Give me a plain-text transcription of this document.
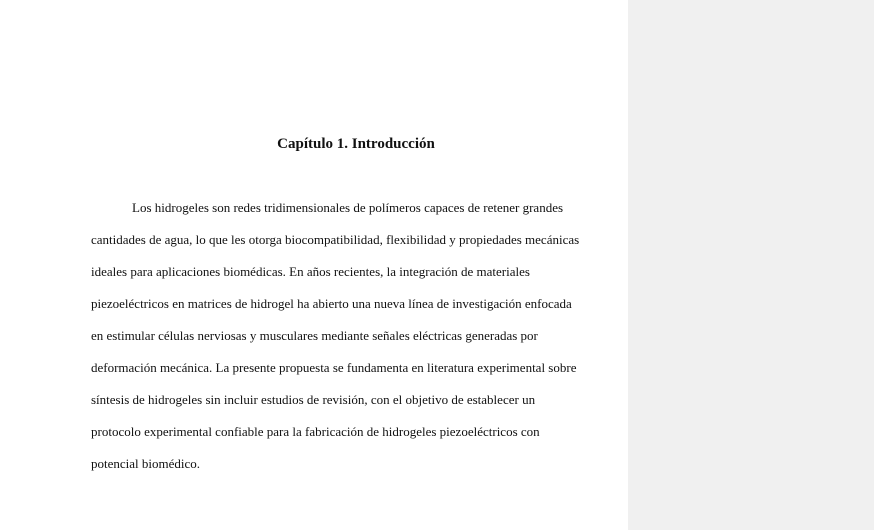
Capítulo 1. Introducción

Los hidrogeles son redes tridimensionales de polímeros capaces de retener grandes
cantidades de agua, lo que les otorga biocompatibilidad, flexibilidad y propiedades mecánicas
ideales para aplicaciones biomédicas. En años recientes, la integración de materiales
piezoeléctricos en matrices de hidrogel ha abierto una nueva línea de investigación enfocada
en estimular células nerviosas y musculares mediante señales eléctricas generadas por
deformación mecánica. La presente propuesta se fundamenta en literatura experimental sobre
síntesis de hidrogeles sin incluir estudios de revisión, con el objetivo de establecer un
protocolo experimental confiable para la fabricación de hidrogeles piezoeléctricos con
potencial biomédico.
